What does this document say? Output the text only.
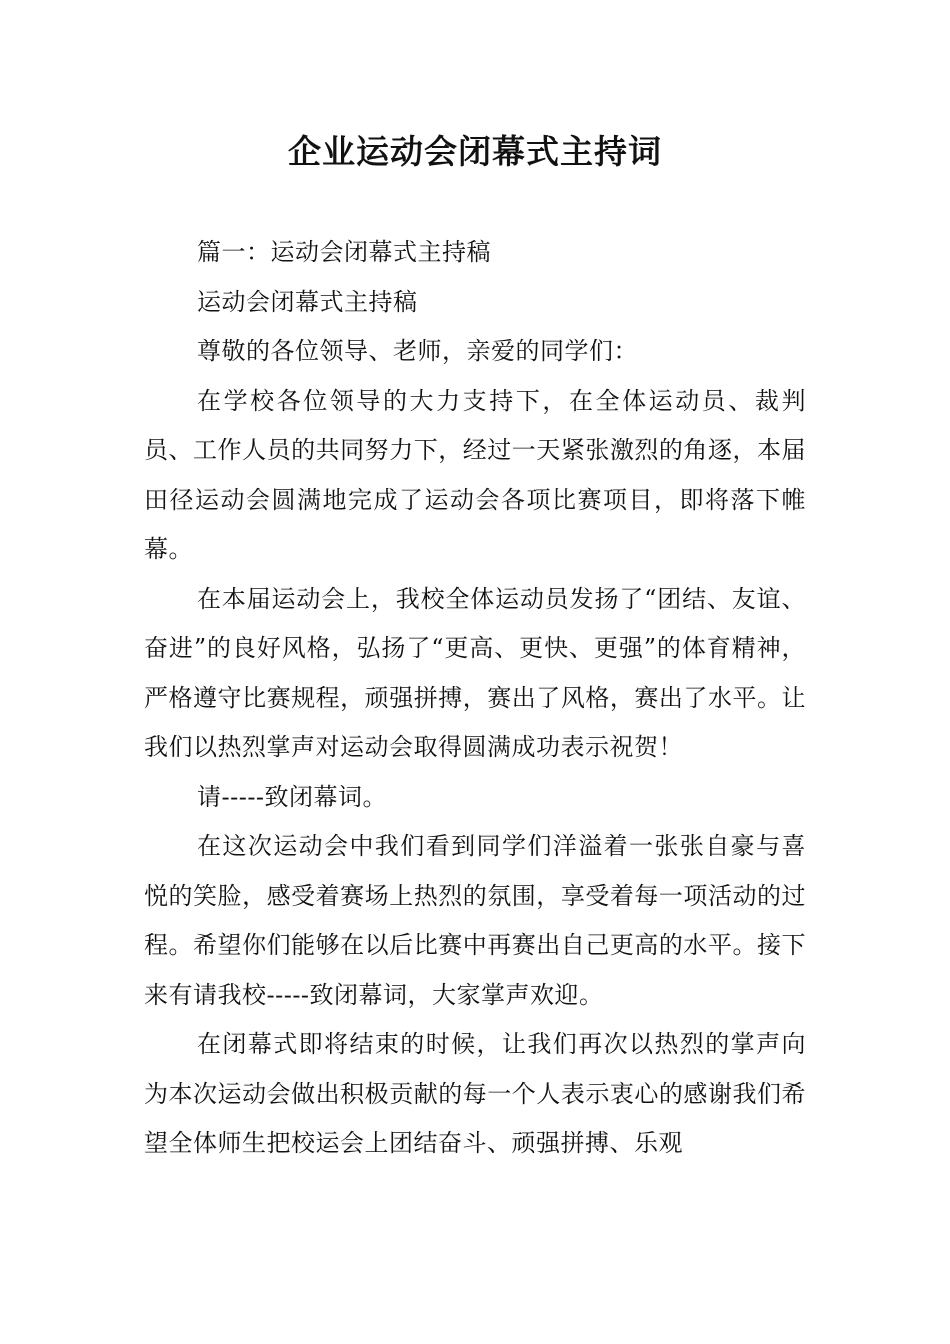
企业运动会闭幕式主持词

篇一：运动会闭幕式主持稿

运动会闭幕式主持稿

尊敬的各位领导、老师，亲爱的同学们：

在学校各位领导的大力支持下，在全体运动员、裁判员、工作人员的共同努力下，经过一天紧张激烈的角逐，本届田径运动会圆满地完成了运动会各项比赛项目，即将落下帷幕。

在本届运动会上，我校全体运动员发扬了“团结、友谊、奋进”的良好风格，弘扬了“更高、更快、更强”的体育精神，严格遵守比赛规程，顽强拼搏，赛出了风格，赛出了水平。让我们以热烈掌声对运动会取得圆满成功表示祝贺！

请-----致闭幕词。

在这次运动会中我们看到同学们洋溢着一张张自豪与喜悦的笑脸，感受着赛场上热烈的氛围，享受着每一项活动的过程。希望你们能够在以后比赛中再赛出自己更高的水平。接下来有请我校-----致闭幕词，大家掌声欢迎。

在闭幕式即将结束的时候，让我们再次以热烈的掌声向为本次运动会做出积极贡献的每一个人表示衷心的感谢我们希望全体师生把校运会上团结奋斗、顽强拼搏、乐观
